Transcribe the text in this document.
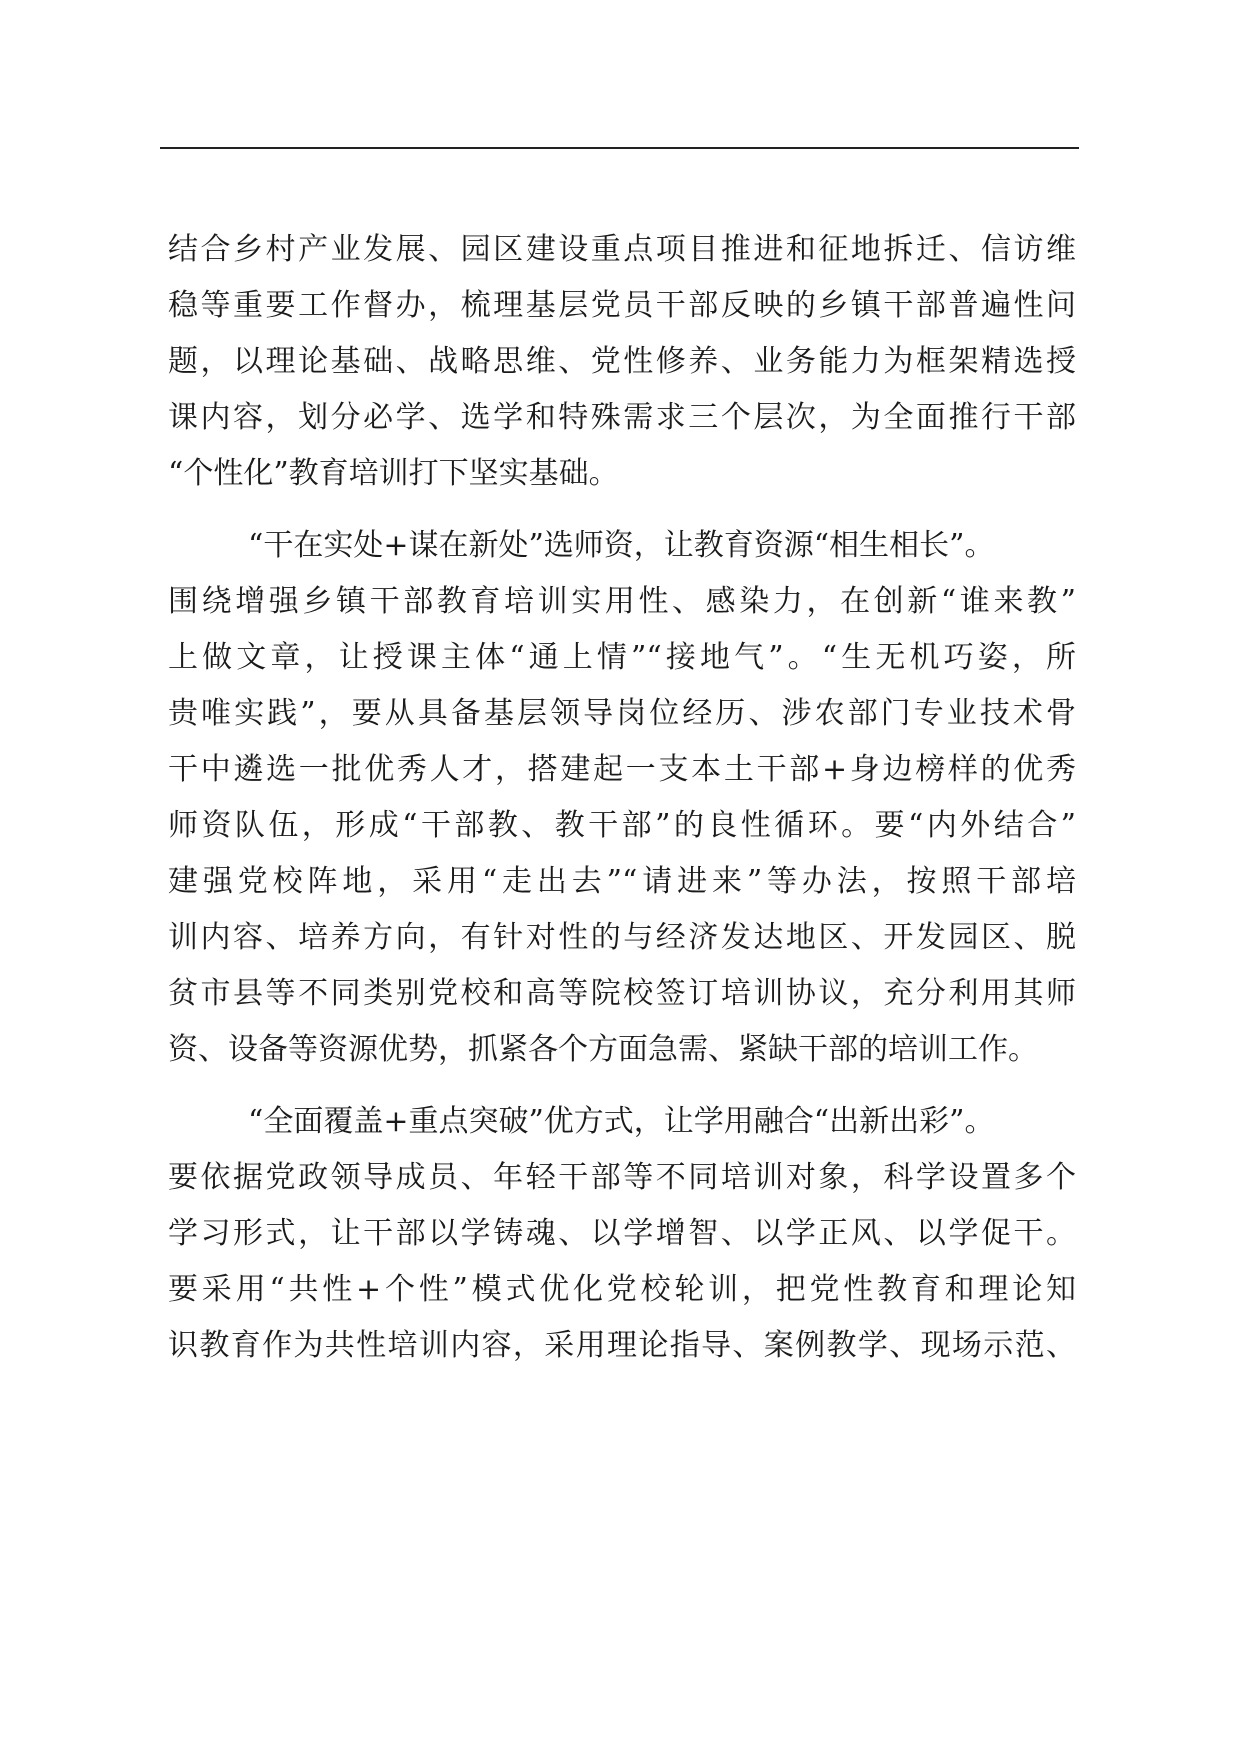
结合乡村产业发展、园区建设重点项目推进和征地拆迁、信访维
稳等重要工作督办，梳理基层党员干部反映的乡镇干部普遍性问
题，以理论基础、战略思维、党性修养、业务能力为框架精选授
课内容，划分必学、选学和特殊需求三个层次，为全面推行干部
“个性化”教育培训打下坚实基础。
“干在实处+谋在新处”选师资，让教育资源“相生相长”。
围绕增强乡镇干部教育培训实用性、感染力，在创新“谁来教”
上做文章，让授课主体“通上情”“接地气”。“生无机巧姿，所
贵唯实践”，要从具备基层领导岗位经历、涉农部门专业技术骨
干中遴选一批优秀人才，搭建起一支本土干部+身边榜样的优秀
师资队伍，形成“干部教、教干部”的良性循环。要“内外结合”
建强党校阵地，采用“走出去”“请进来”等办法，按照干部培
训内容、培养方向，有针对性的与经济发达地区、开发园区、脱
贫市县等不同类别党校和高等院校签订培训协议，充分利用其师
资、设备等资源优势，抓紧各个方面急需、紧缺干部的培训工作。
“全面覆盖+重点突破”优方式，让学用融合“出新出彩”。
要依据党政领导成员、年轻干部等不同培训对象，科学设置多个
学习形式，让干部以学铸魂、以学增智、以学正风、以学促干。
要采用“共性+个性”模式优化党校轮训，把党性教育和理论知
识教育作为共性培训内容，采用理论指导、案例教学、现场示范、
